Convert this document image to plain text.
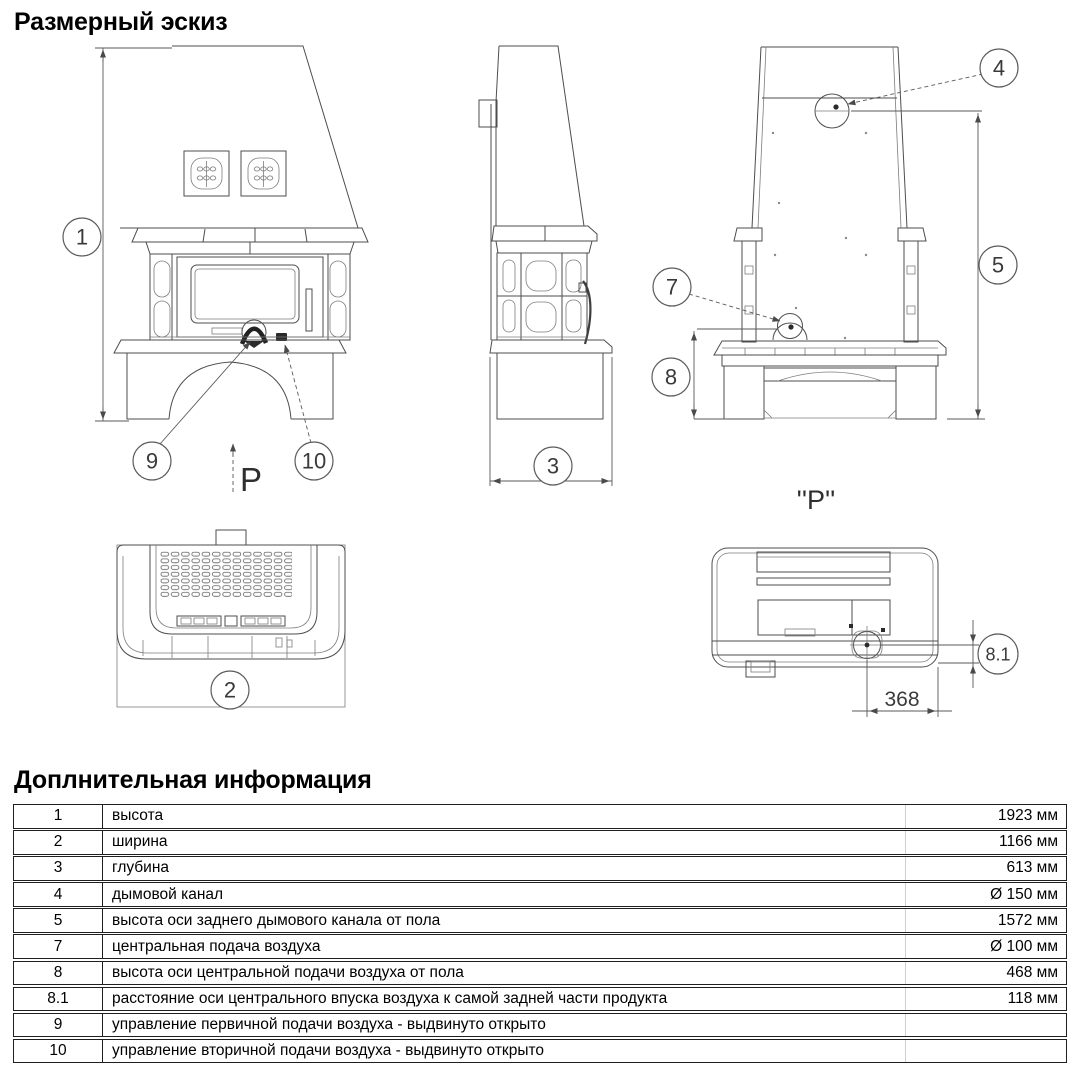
Размерный эскиз
1
9	10
P	3
4
5
7
8
''P''
2	368
8.1
Доплнительная информация
1	высота	1923 мм
2	ширина	1166 мм
3	глубина	613 мм
4	дымовой канал	Ø 150 мм
5	высота оси заднего дымового канала от пола	1572 мм
7	центральная подача воздуха	Ø 100 мм
8	высота оси центральной подачи воздуха от пола	468 мм
8.1	расстояние оси центрального впуска воздуха к самой задней части продукта	118 мм
9	управление первичной подачи воздуха - выдвинуто открыто
10	управление вторичной подачи воздуха - выдвинуто открыто
